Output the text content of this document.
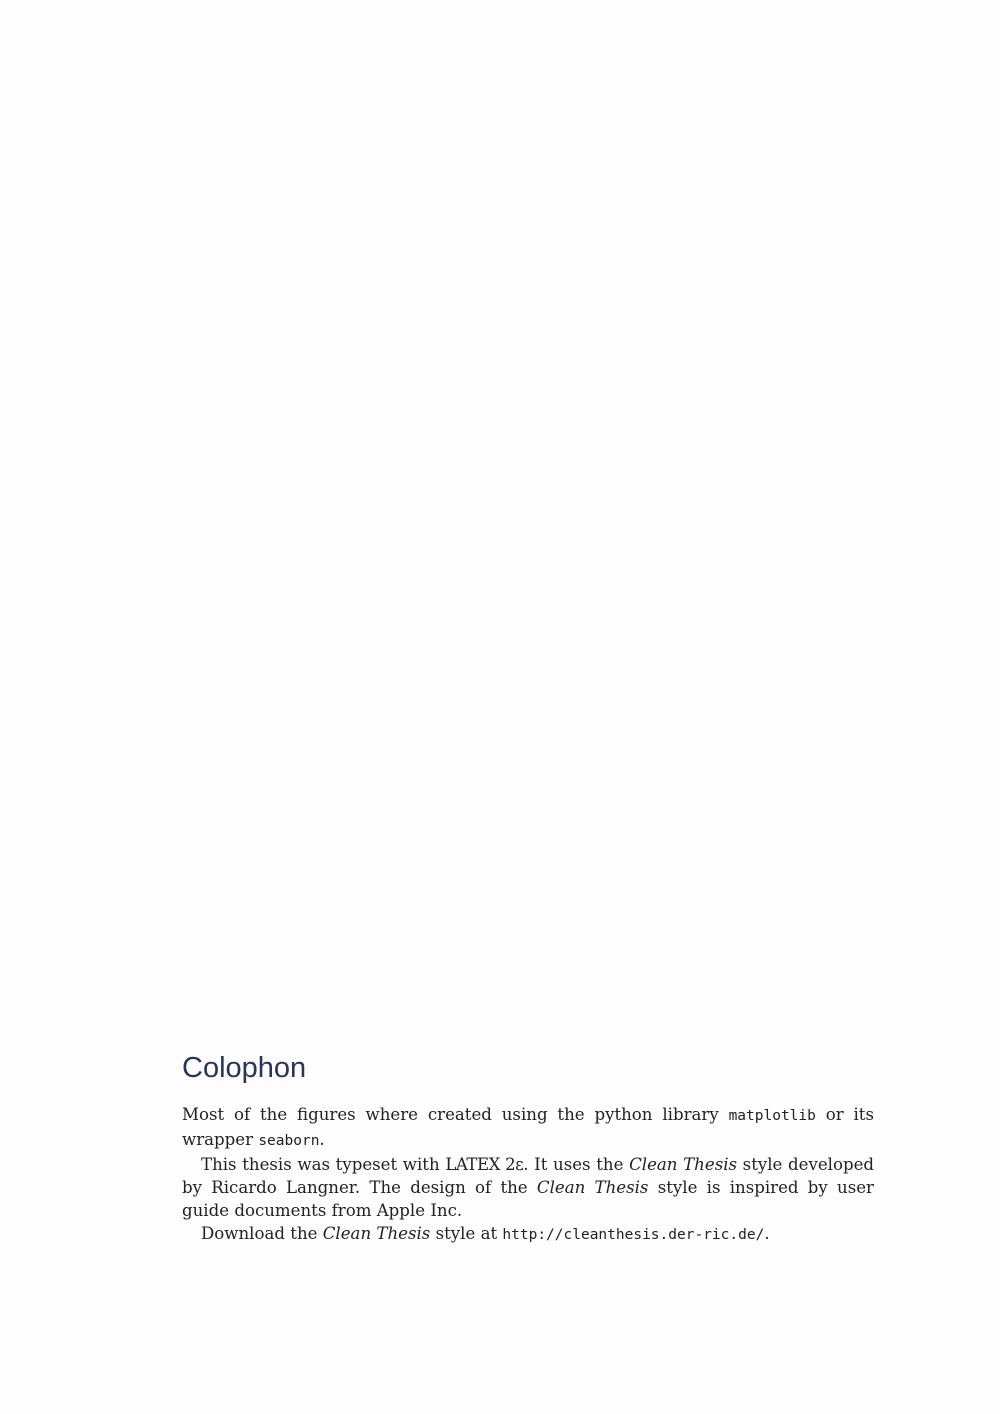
Colophon

Most of the figures where created using the python library matplotlib or its wrapper seaborn.

This thesis was typeset with LATEX 2ε. It uses the Clean Thesis style developed by Ricardo Langner. The design of the Clean Thesis style is inspired by user guide documents from Apple Inc.

Download the Clean Thesis style at http://cleanthesis.der-ric.de/.
